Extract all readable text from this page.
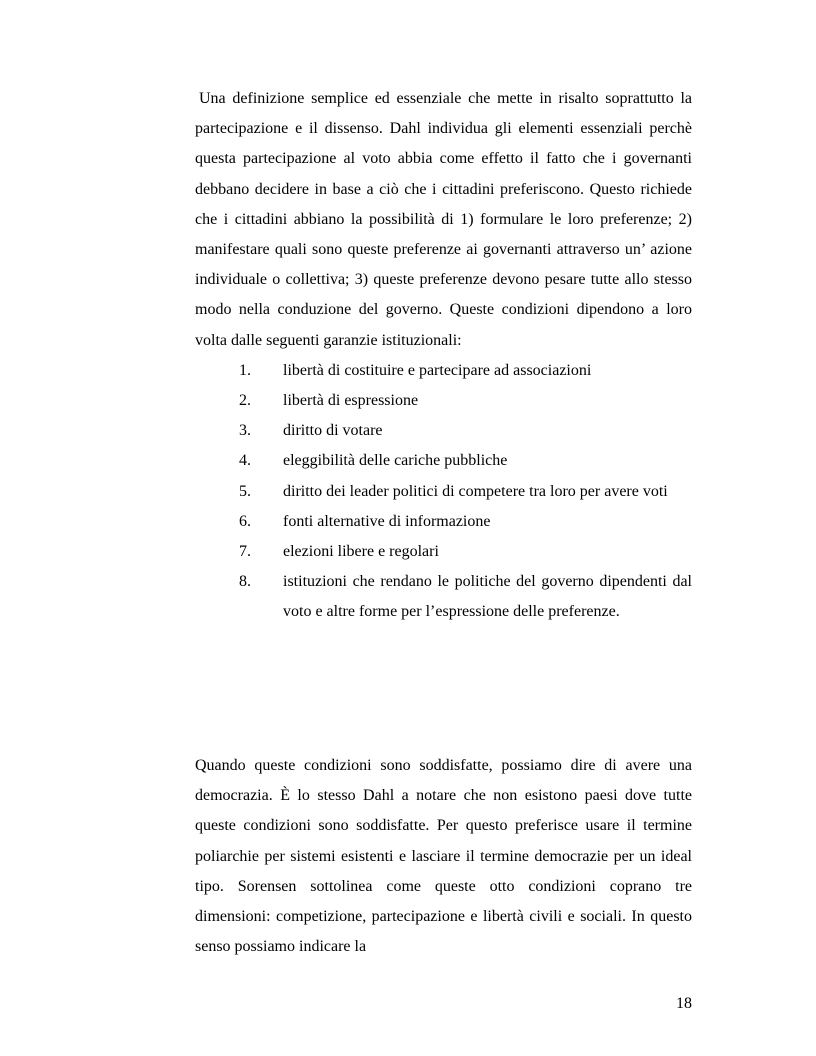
Una definizione semplice ed essenziale che mette in risalto soprattutto la partecipazione e il dissenso. Dahl individua gli elementi essenziali perchè questa partecipazione al voto abbia come effetto il fatto che i governanti debbano decidere in base a ciò che i cittadini preferiscono. Questo richiede che i cittadini abbiano la possibilità di 1) formulare le loro preferenze; 2) manifestare quali sono queste preferenze ai governanti attraverso un’ azione individuale o collettiva; 3) queste preferenze devono pesare tutte allo stesso modo nella conduzione del governo. Queste condizioni dipendono a loro volta dalle seguenti garanzie istituzionali:

1.	libertà di costituire e partecipare ad associazioni
2.	libertà di espressione
3.	diritto di votare
4.	eleggibilità delle cariche pubbliche
5.	diritto dei leader politici di competere tra loro per avere voti
6.	fonti alternative di informazione
7.	elezioni libere e regolari
8.	istituzioni che rendano le politiche del governo dipendenti dal voto e altre forme per l’espressione delle preferenze.

Quando queste condizioni sono soddisfatte, possiamo dire di avere una democrazia. È lo stesso Dahl a notare che non esistono paesi dove tutte queste condizioni sono soddisfatte. Per questo preferisce usare il termine poliarchie per sistemi esistenti e lasciare il termine democrazie per un ideal tipo. Sorensen sottolinea come queste otto condizioni coprano tre dimensioni: competizione, partecipazione e libertà civili e sociali. In questo senso possiamo indicare la

18
